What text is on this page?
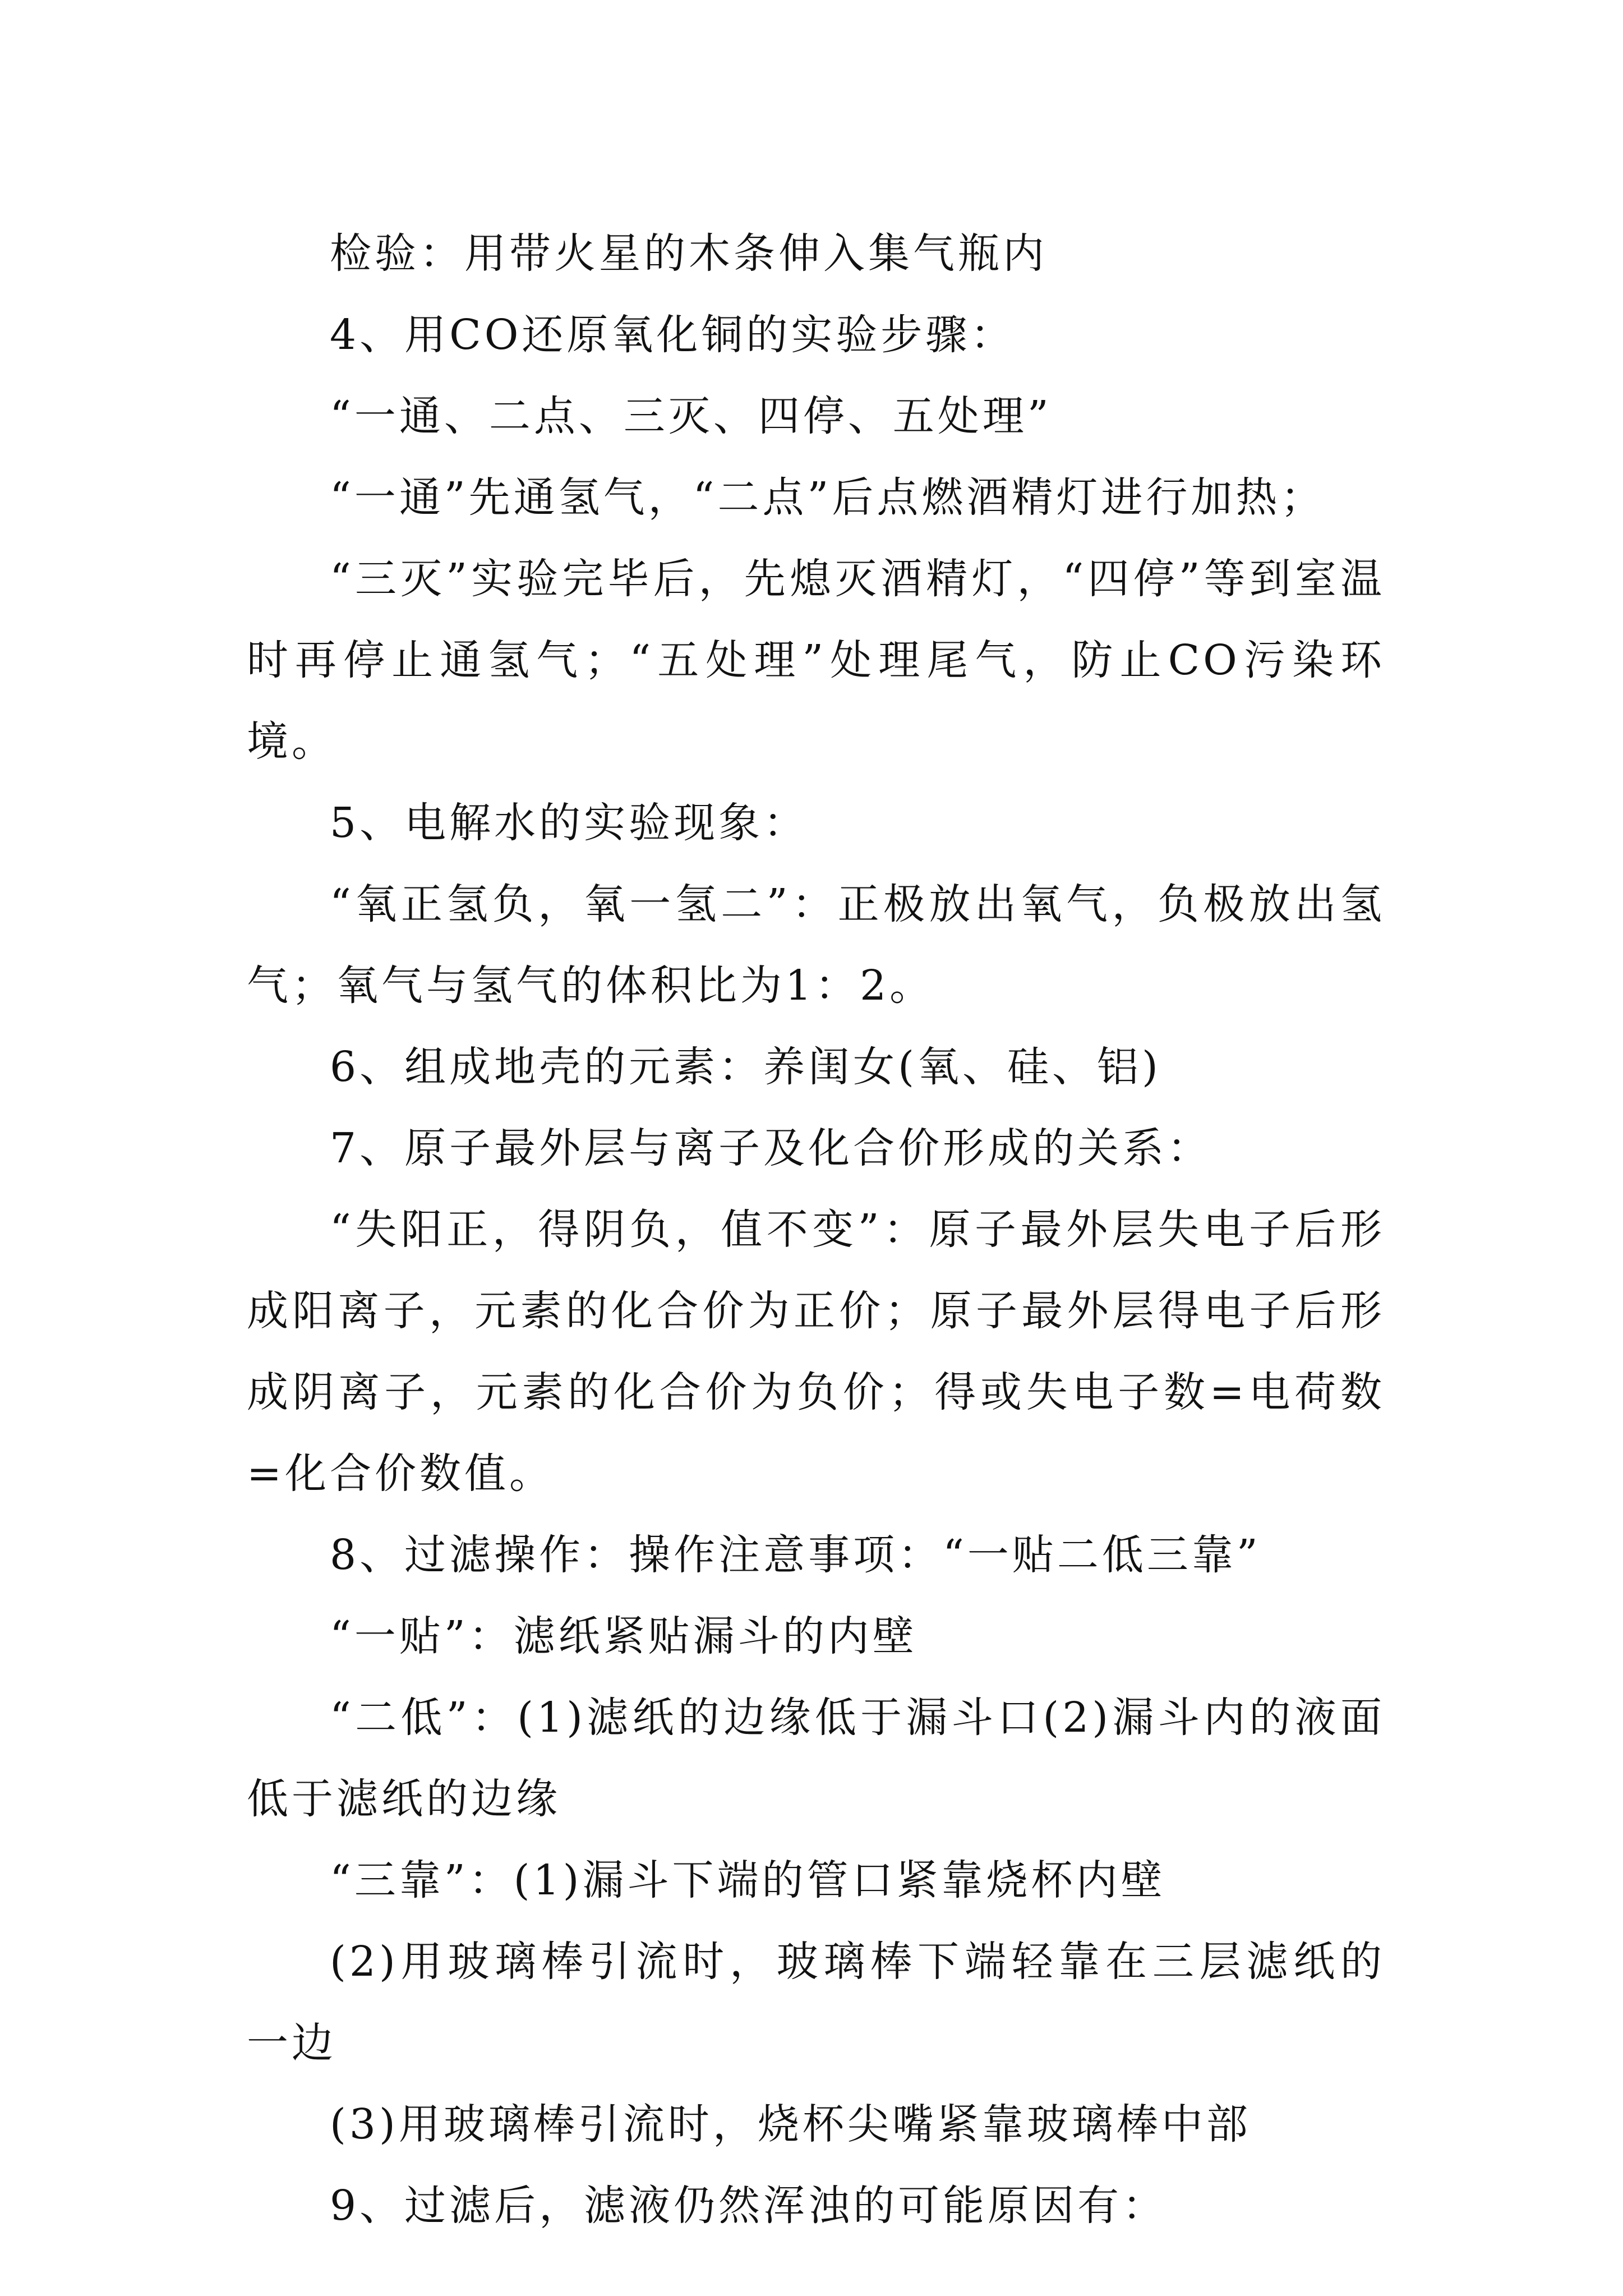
检验：用带火星的木条伸入集气瓶内

4、用CO还原氧化铜的实验步骤：

“一通、二点、三灭、四停、五处理”

“一通”先通氢气，“二点”后点燃酒精灯进行加热；

“三灭”实验完毕后，先熄灭酒精灯，“四停”等到室温时再停止通氢气；“五处理”处理尾气，防止CO污染环境。

5、电解水的实验现象：

“氧正氢负，氧一氢二”：正极放出氧气，负极放出氢气；氧气与氢气的体积比为1：2。

6、组成地壳的元素：养闺女(氧、硅、铝)

7、原子最外层与离子及化合价形成的关系：

“失阳正，得阴负，值不变”：原子最外层失电子后形成阳离子，元素的化合价为正价；原子最外层得电子后形成阴离子，元素的化合价为负价；得或失电子数=电荷数=化合价数值。

8、过滤操作：操作注意事项：“一贴二低三靠”

“一贴”：滤纸紧贴漏斗的内壁

“二低”：(1)滤纸的边缘低于漏斗口(2)漏斗内的液面低于滤纸的边缘

“三靠”：(1)漏斗下端的管口紧靠烧杯内壁

(2)用玻璃棒引流时，玻璃棒下端轻靠在三层滤纸的一边

(3)用玻璃棒引流时，烧杯尖嘴紧靠玻璃棒中部

9、过滤后，滤液仍然浑浊的可能原因有：
